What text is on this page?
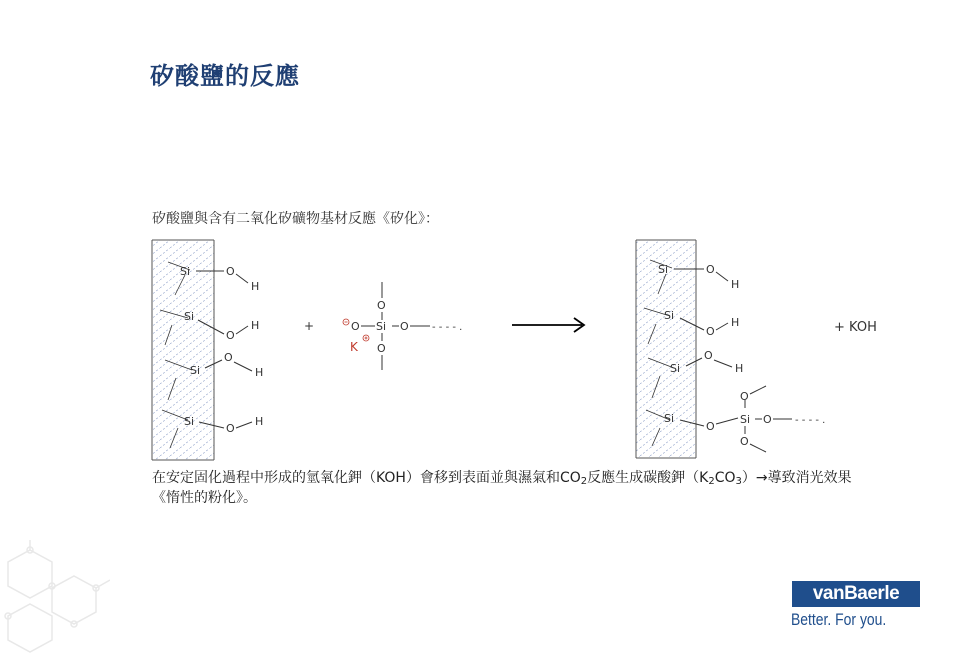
矽酸鹽的反應
矽酸鹽與含有二氧化矽礦物基材反應《矽化》：
Si	O
H
Si
O
H
Si
O
H
Si
O
H
+
O
O Si O - - - - .
O
K
Si	O
H
Si
O
H
Si
O
H
Si
O
Si O - - - - .
O
O
+ KOH
在安定固化過程中形成的氫氧化鉀（KOH）會移到表面並與濕氣和$CO_2$反應生成碳酸鉀$(K_2CO_3)\to$導致消光效果《惰性的粉化》。
vanBaerle
Better. For you.
